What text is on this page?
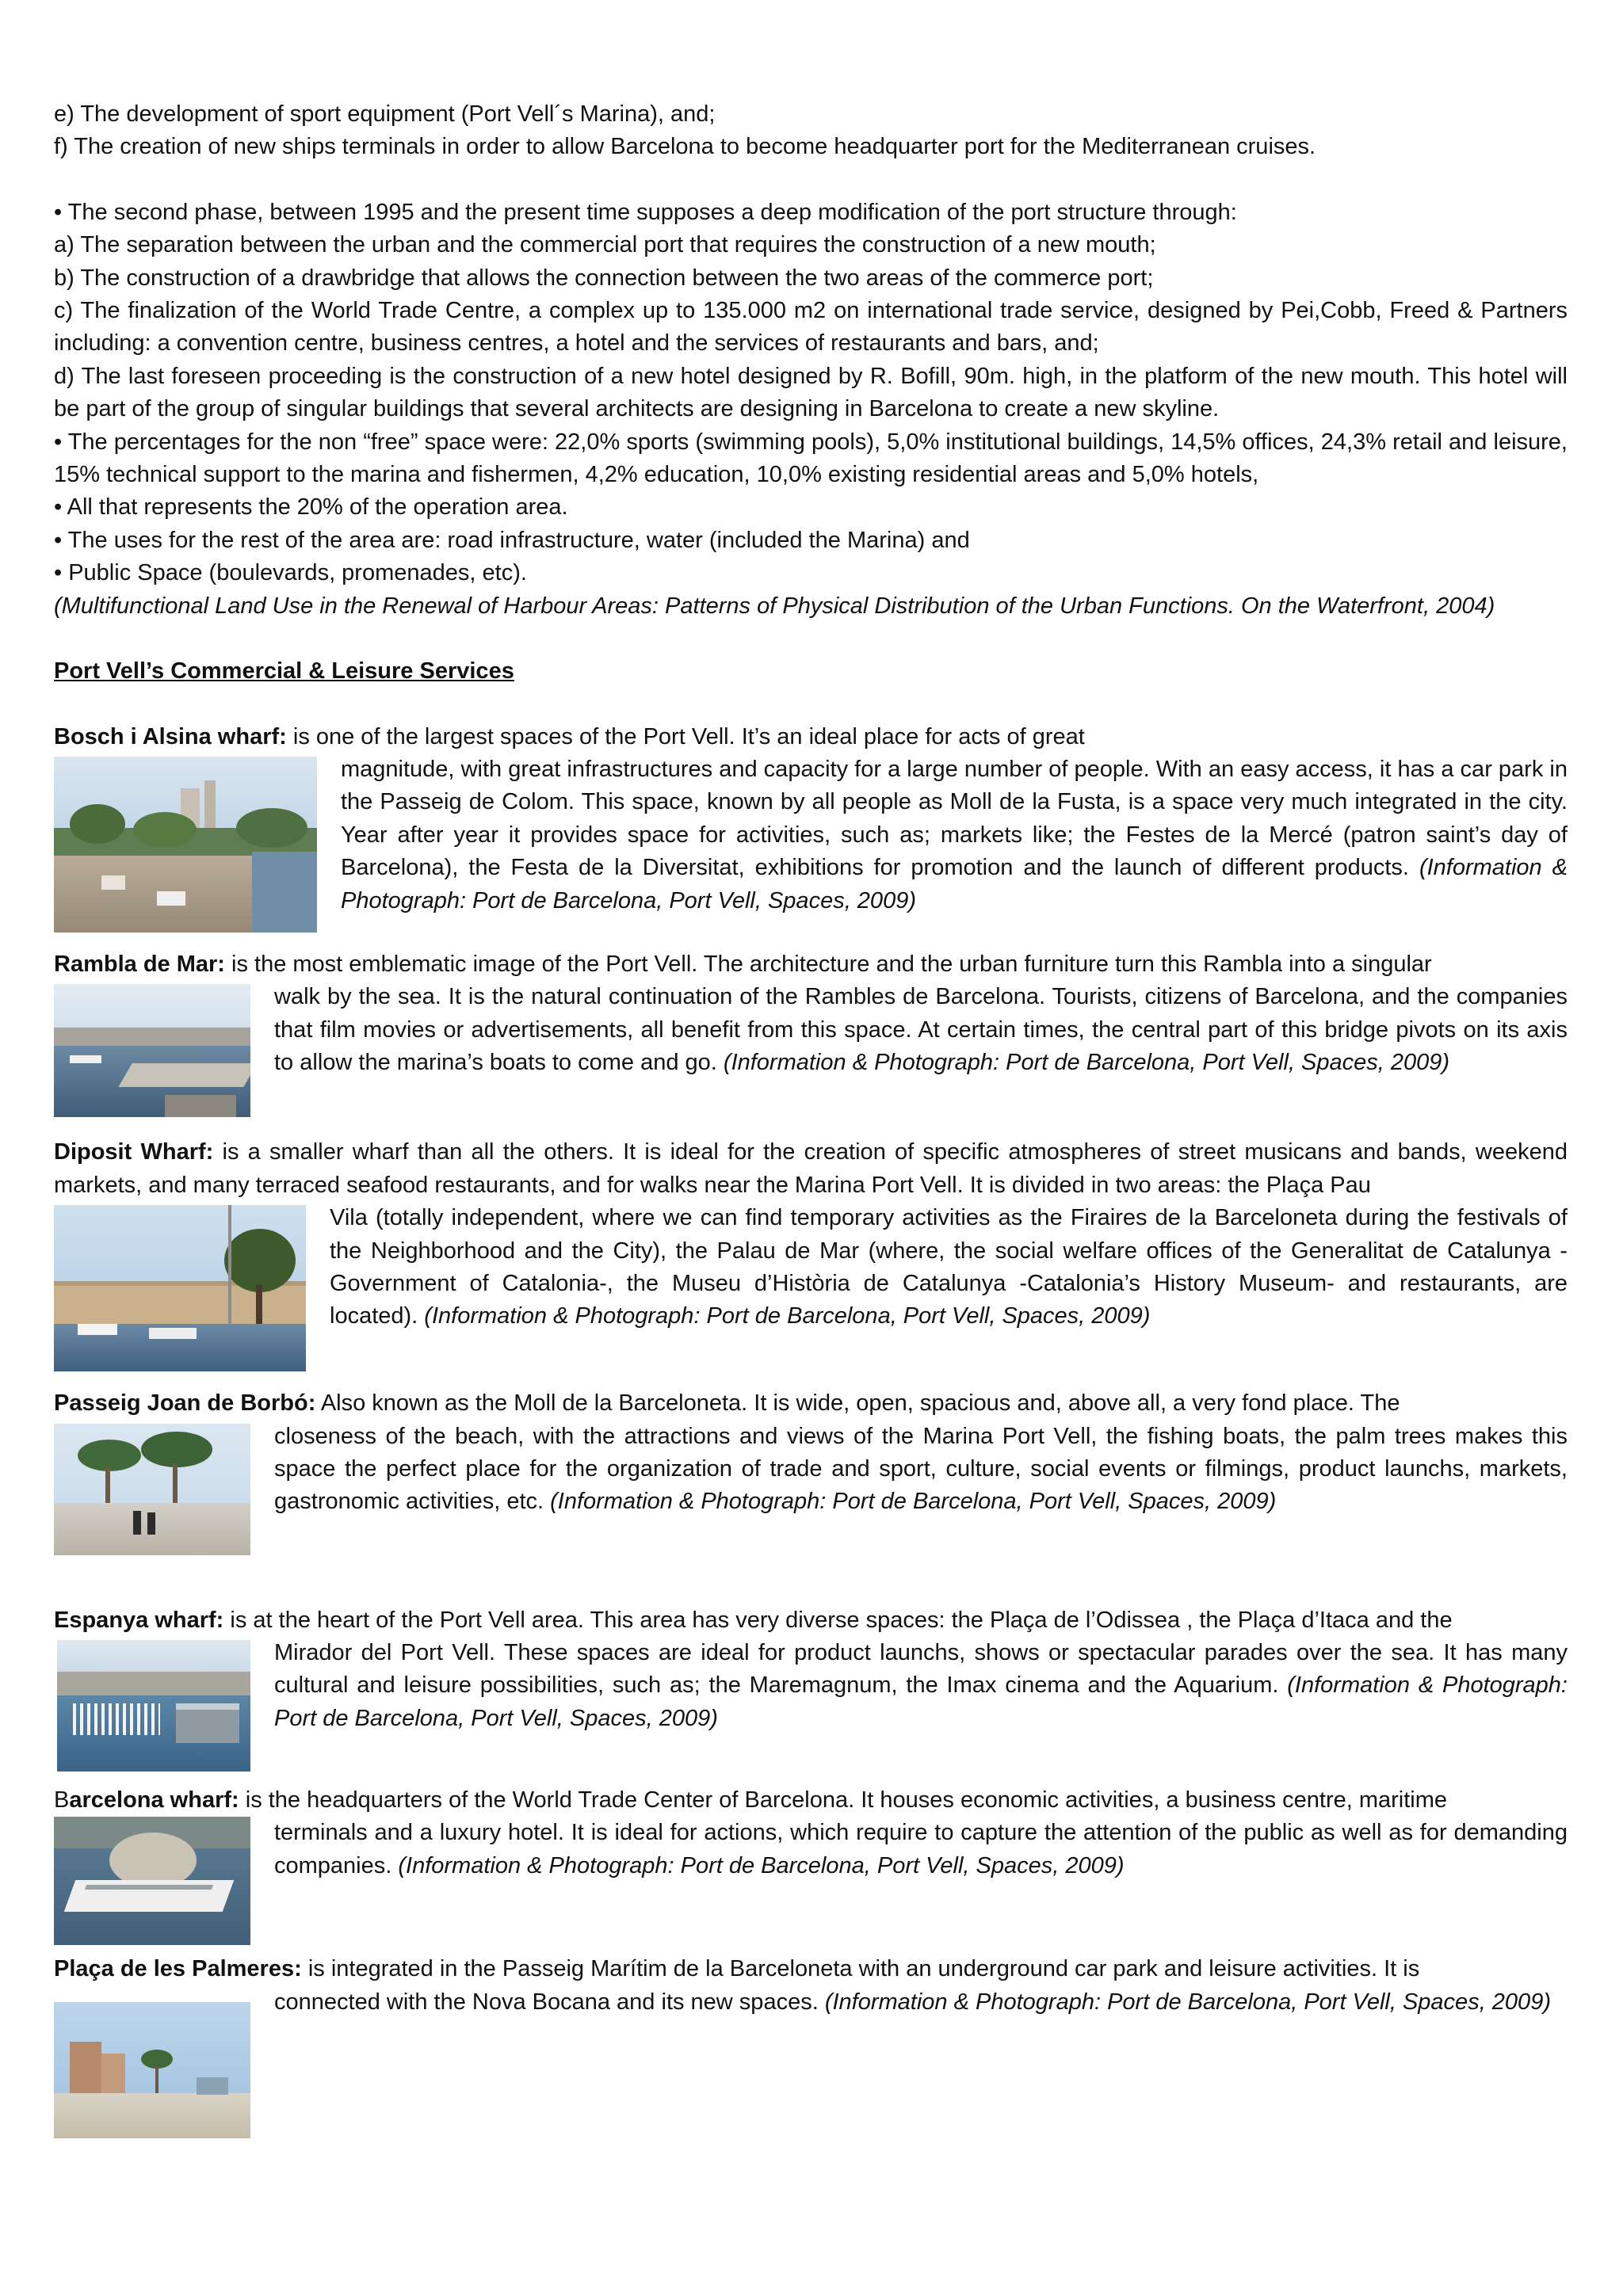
e) The development of sport equipment (Port Vell´s Marina), and;

f) The creation of new ships terminals in order to allow Barcelona to become headquarter port for the Mediterranean cruises.

• The second phase, between 1995 and the present time supposes a deep modification of the port structure through:

a) The separation between the urban and the commercial port that requires the construction of a new mouth;

b) The construction of a drawbridge that allows the connection between the two areas of the commerce port;

c) The finalization of the World Trade Centre, a complex up to 135.000 m2 on international trade service, designed by Pei,Cobb, Freed & Partners including: a convention centre, business centres, a hotel and the services of restaurants and bars, and;

d) The last foreseen proceeding is the construction of a new hotel designed by R. Bofill, 90m. high, in the platform of the new mouth. This hotel will be part of the group of singular buildings that several architects are designing in Barcelona to create a new skyline.

• The percentages for the non “free” space were: 22,0% sports (swimming pools), 5,0% institutional buildings, 14,5% offices, 24,3% retail and leisure, 15% technical support to the marina and fishermen, 4,2% education, 10,0% existing residential areas and 5,0% hotels,

• All that represents the 20% of the operation area.

• The uses for the rest of the area are: road infrastructure, water (included the Marina) and

• Public Space (boulevards, promenades, etc).

(Multifunctional Land Use in the Renewal of Harbour Areas: Patterns of Physical Distribution of the Urban Functions. On the Waterfront, 2004)

Port Vell’s Commercial & Leisure Services

Bosch i Alsina wharf: is one of the largest spaces of the Port Vell. It’s an ideal place for acts of great

magnitude, with great infrastructures and capacity for a large number of people. With an easy access, it has a car park in the Passeig de Colom. This space, known by all people as Moll de la Fusta, is a space very much integrated in the city. Year after year it provides space for activities, such as; markets like; the Festes de la Mercé (patron saint’s day of Barcelona), the Festa de la Diversitat, exhibitions for promotion and the launch of different products. (Information & Photograph: Port de Barcelona, Port Vell, Spaces, 2009)

Rambla de Mar: is the most emblematic image of the Port Vell. The architecture and the urban furniture turn this Rambla into a singular

walk by the sea. It is the natural continuation of the Rambles de Barcelona. Tourists, citizens of Barcelona, and the companies that film movies or advertisements, all benefit from this space. At certain times, the central part of this bridge pivots on its axis to allow the marina’s boats to come and go. (Information & Photograph: Port de Barcelona, Port Vell, Spaces, 2009)

Diposit Wharf: is a smaller wharf than all the others. It is ideal for the creation of specific atmospheres of street musicans and bands, weekend markets, and many terraced seafood restaurants, and for walks near the Marina Port Vell. It is divided in two areas: the Plaça Pau

Vila (totally independent, where we can find temporary activities as the Firaires de la Barceloneta during the festivals of the Neighborhood and the City), the Palau de Mar (where, the social welfare offices of the Generalitat de Catalunya -Government of Catalonia-, the Museu d’Història de Catalunya -Catalonia’s History Museum- and restaurants, are located). (Information & Photograph: Port de Barcelona, Port Vell, Spaces, 2009)

Passeig Joan de Borbó: Also known as the Moll de la Barceloneta. It is wide, open, spacious and, above all, a very fond place. The

closeness of the beach, with the attractions and views of the Marina Port Vell, the fishing boats, the palm trees makes this space the perfect place for the organization of trade and sport, culture, social events or filmings, product launchs, markets, gastronomic activities, etc. (Information & Photograph: Port de Barcelona, Port Vell, Spaces, 2009)

Espanya wharf: is at the heart of the Port Vell area. This area has very diverse spaces: the Plaça de l’Odissea , the Plaça d’Itaca and the

Mirador del Port Vell. These spaces are ideal for product launchs, shows or spectacular parades over the sea. It has many cultural and leisure possibilities, such as; the Maremagnum, the Imax cinema and the Aquarium. (Information & Photograph: Port de Barcelona, Port Vell, Spaces, 2009)

Barcelona wharf: is the headquarters of the World Trade Center of Barcelona. It houses economic activities, a business centre, maritime

terminals and a luxury hotel. It is ideal for actions, which require to capture the attention of the public as well as for demanding companies. (Information & Photograph: Port de Barcelona, Port Vell, Spaces, 2009)

Plaça de les Palmeres: is integrated in the Passeig Marítim de la Barceloneta with an underground car park and leisure activities. It is

connected with the Nova Bocana and its new spaces. (Information & Photograph: Port de Barcelona, Port Vell, Spaces, 2009)
